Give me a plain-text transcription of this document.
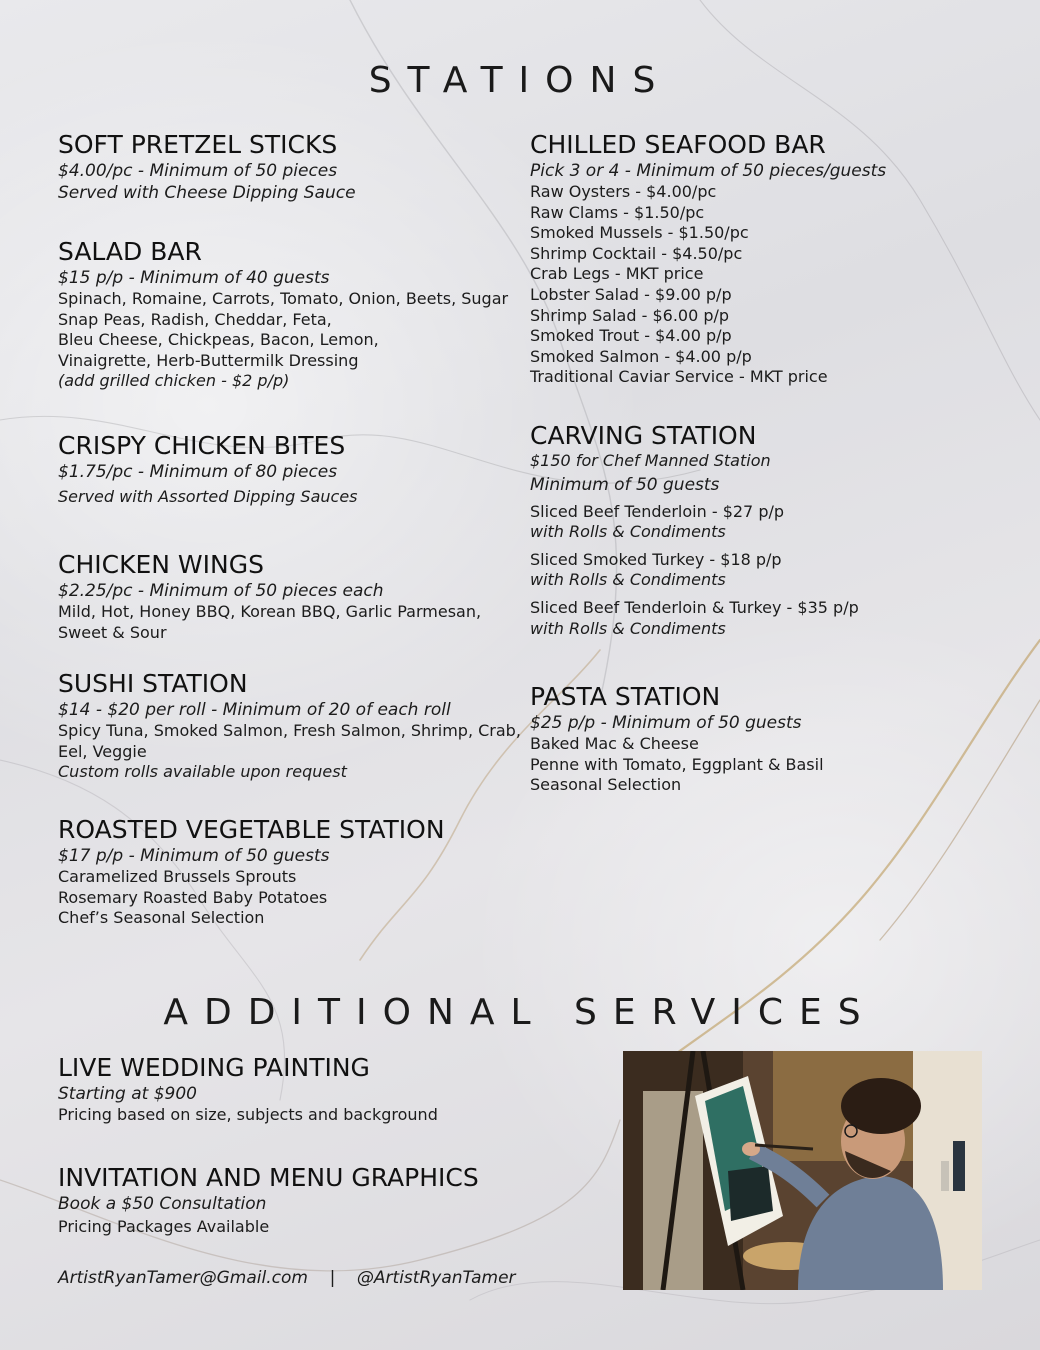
STATIONS
SOFT PRETZEL STICKS
$4.00/pc - Minimum of 50 pieces
Served with Cheese Dipping Sauce
SALAD BAR
$15 p/p - Minimum of 40 guests
Spinach, Romaine, Carrots, Tomato, Onion, Beets, Sugar
Snap Peas, Radish, Cheddar, Feta,
Bleu Cheese, Chickpeas, Bacon, Lemon,
Vinaigrette, Herb-Buttermilk Dressing
(add grilled chicken - $2 p/p)
CRISPY CHICKEN BITES
$1.75/pc - Minimum of 80 pieces
Served with Assorted Dipping Sauces
CHICKEN WINGS
$2.25/pc - Minimum of 50 pieces each
Mild, Hot, Honey BBQ, Korean BBQ, Garlic Parmesan,
Sweet & Sour
SUSHI STATION
$14 - $20 per roll - Minimum of 20 of each roll
Spicy Tuna, Smoked Salmon, Fresh Salmon, Shrimp, Crab,
Eel, Veggie
Custom rolls available upon request
ROASTED VEGETABLE STATION
$17 p/p - Minimum of 50 guests
Caramelized Brussels Sprouts
Rosemary Roasted Baby Potatoes
Chef’s Seasonal Selection
CHILLED SEAFOOD BAR
Pick 3 or 4 - Minimum of 50 pieces/guests
Raw Oysters - $4.00/pc
Raw Clams - $1.50/pc
Smoked Mussels - $1.50/pc
Shrimp Cocktail - $4.50/pc
Crab Legs - MKT price
Lobster Salad - $9.00 p/p
Shrimp Salad - $6.00 p/p
Smoked Trout - $4.00 p/p
Smoked Salmon - $4.00 p/p
Traditional Caviar Service - MKT price
CARVING STATION
$150 for Chef Manned Station
Minimum of 50 guests
Sliced Beef Tenderloin - $27 p/p
with Rolls & Condiments
Sliced Smoked Turkey - $18 p/p
with Rolls & Condiments
Sliced Beef Tenderloin & Turkey - $35 p/p
with Rolls & Condiments
PASTA STATION
$25 p/p - Minimum of 50 guests
Baked Mac & Cheese
Penne with Tomato, Eggplant & Basil
Seasonal Selection
ADDITIONAL SERVICES
LIVE WEDDING PAINTING
Starting at $900
Pricing based on size, subjects and background
INVITATION AND MENU GRAPHICS
Book a $50 Consultation
Pricing Packages Available
ArtistRyanTamer@Gmail.com | @ArtistRyanTamer
